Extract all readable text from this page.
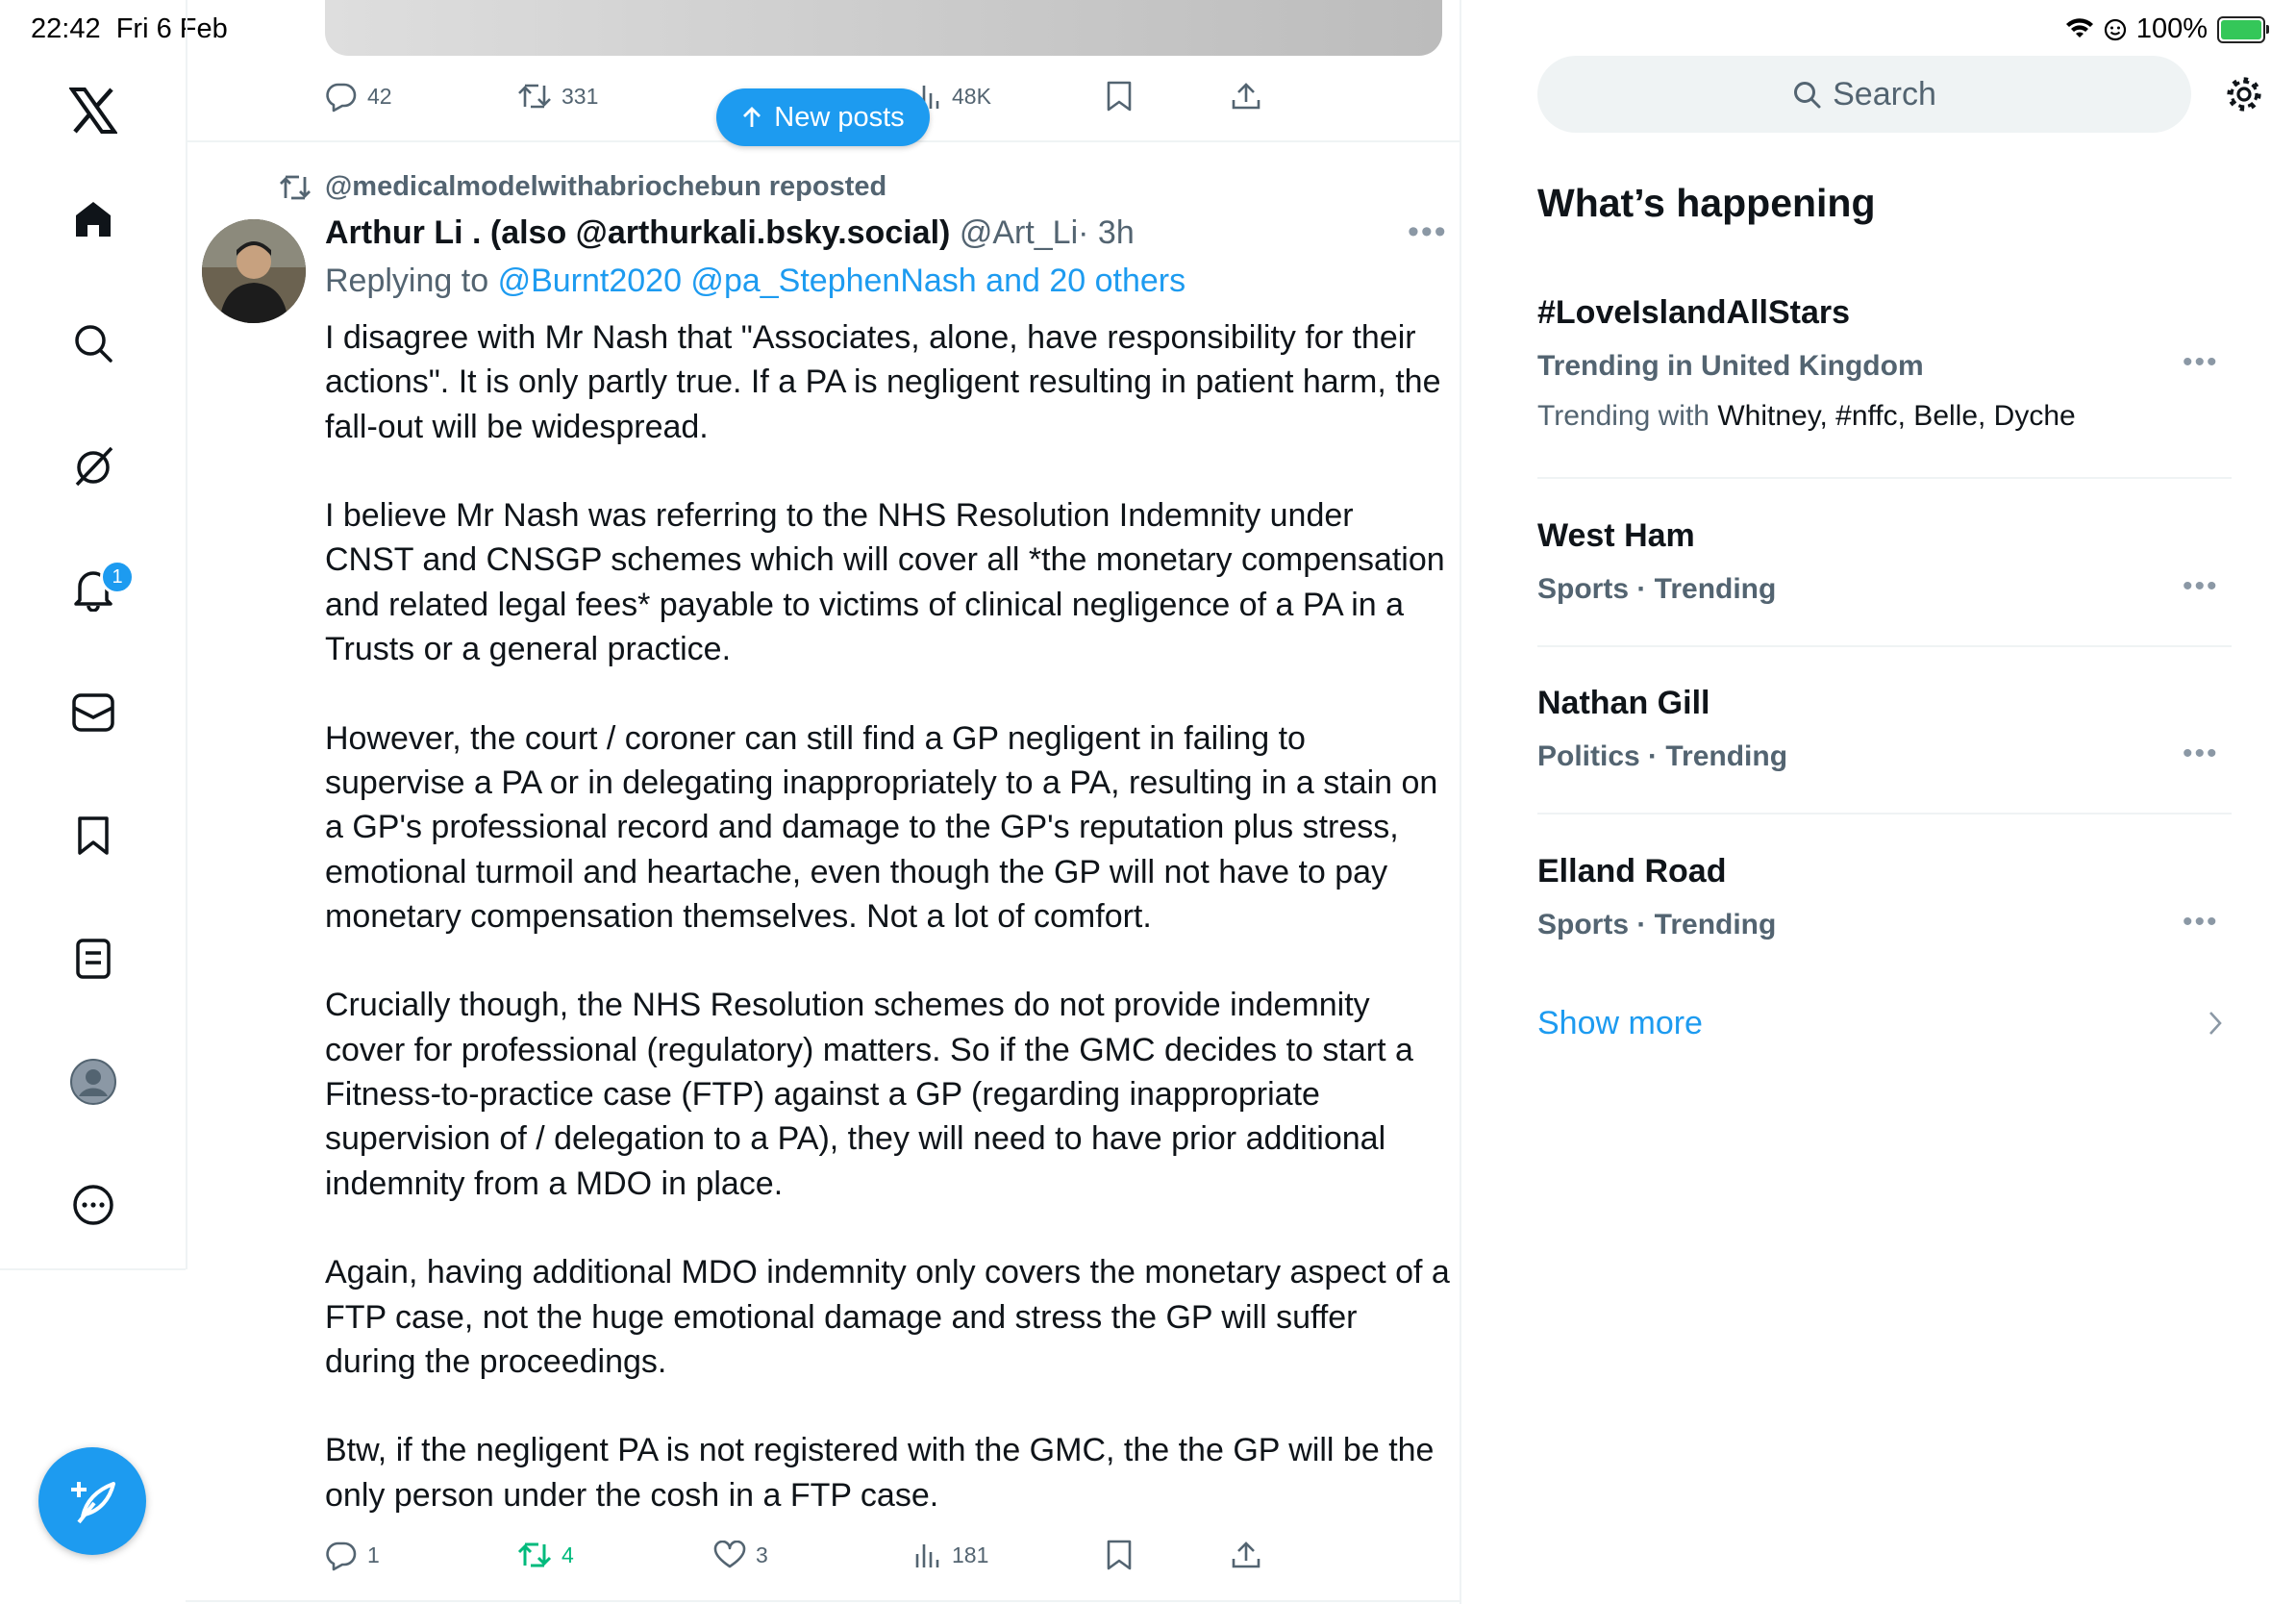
22:42 Fri 6 Feb	100%
1
42	331	48K
New posts
@medicalmodelwithabriochebun reposted
Arthur Li . (also @arthurkali.bsky.social) @Art_Li· 3h	•••
Replying to @Burnt2020 @pa_StephenNash and 20 others

I disagree with Mr Nash that "Associates, alone, have responsibility for their actions". It is only partly true. If a PA is negligent resulting in patient harm, the fall-out will be widespread.

I believe Mr Nash was referring to the NHS Resolution Indemnity under CNST and CNSGP schemes which will cover all *the monetary compensation and related legal fees* payable to victims of clinical negligence of a PA in a Trusts or a general practice.

However, the court / coroner can still find a GP negligent in failing to supervise a PA or in delegating inappropriately to a PA, resulting in a stain on a GP's professional record and damage to the GP's reputation plus stress, emotional turmoil and heartache, even though the GP will not have to pay monetary compensation themselves. Not a lot of comfort.

Crucially though, the NHS Resolution schemes do not provide indemnity cover for professional (regulatory) matters. So if the GMC decides to start a Fitness-to-practice case (FTP) against a GP (regarding inappropriate supervision of / delegation to a PA), they will need to have prior additional indemnity from a MDO in place.

Again, having additional MDO indemnity only covers the monetary aspect of a FTP case, not the huge emotional damage and stress the GP will suffer during the proceedings.

Btw, if the negligent PA is not registered with the GMC, the the GP will be the only person under the cosh in a FTP case.

1	4	3	181
Search
What’s happening
#LoveIslandAllStars
Trending in United Kingdom
Trending with Whitney, #nffc, Belle, Dyche
•••
West Ham
Sports · Trending	•••
Nathan Gill
Politics · Trending	•••
Elland Road
Sports · Trending	•••
Show more
